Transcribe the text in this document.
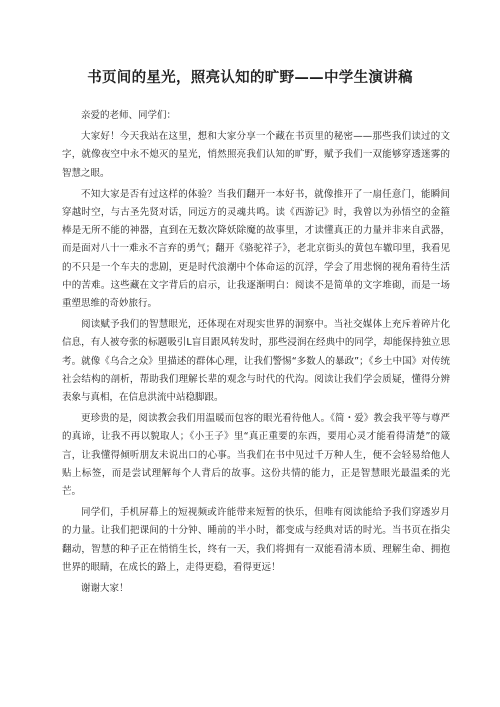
书页间的星光，照亮认知的旷野——中学生演讲稿

亲爱的老师、同学们：

大家好！今天我站在这里，想和大家分享一个藏在书页里的秘密——那些我们读过的文字，就像夜空中永不熄灭的星光，悄然照亮我们认知的旷野，赋予我们一双能够穿透迷雾的智慧之眼。

不知大家是否有过这样的体验？当我们翻开一本好书，就像推开了一扇任意门，能瞬间穿越时空，与古圣先贤对话，同远方的灵魂共鸣。读《西游记》时，我曾以为孙悟空的金箍棒是无所不能的神器，直到在无数次降妖除魔的故事里，才读懂真正的力量并非来自武器，而是面对八十一难永不言弃的勇气；翻开《骆驼祥子》，老北京街头的黄包车辙印里，我看见的不只是一个车夫的悲剧，更是时代浪潮中个体命运的沉浮，学会了用悲悯的视角看待生活中的苦难。这些藏在文字背后的启示，让我逐渐明白：阅读不是简单的文字堆砌，而是一场重塑思维的奇妙旅行。

阅读赋予我们的智慧眼光，还体现在对现实世界的洞察中。当社交媒体上充斥着碎片化信息，有人被夸张的标题吸引L盲目跟风转发时，那些浸润在经典中的同学，却能保持独立思考。就像《乌合之众》里描述的群体心理，让我们警惕“多数人的暴政”；《乡土中国》对传统社会结构的剖析，帮助我们理解长辈的观念与时代的代沟。阅读让我们学会质疑，懂得分辨表象与真相，在信息洪流中站稳脚跟。

更珍贵的是，阅读教会我们用温暖而包容的眼光看待他人。《简・爱》教会我平等与尊严的真谛，让我不再以貌取人；《小王子》里“真正重要的东西，要用心灵才能看得清楚”的箴言，让我懂得倾听朋友未说出口的心事。当我们在书中见过千万种人生，便不会轻易给他人贴上标签，而是尝试理解每个人背后的故事。这份共情的能力，正是智慧眼光最温柔的光芒。

同学们，手机屏幕上的短视频或许能带来短暂的快乐，但唯有阅读能给予我们穿透岁月的力量。让我们把课间的十分钟、睡前的半小时，都变成与经典对话的时光。当书页在指尖翻动，智慧的种子正在悄悄生长，终有一天，我们将拥有一双能看清本质、理解生命、拥抱世界的眼睛，在成长的路上，走得更稳，看得更远！

谢谢大家！
